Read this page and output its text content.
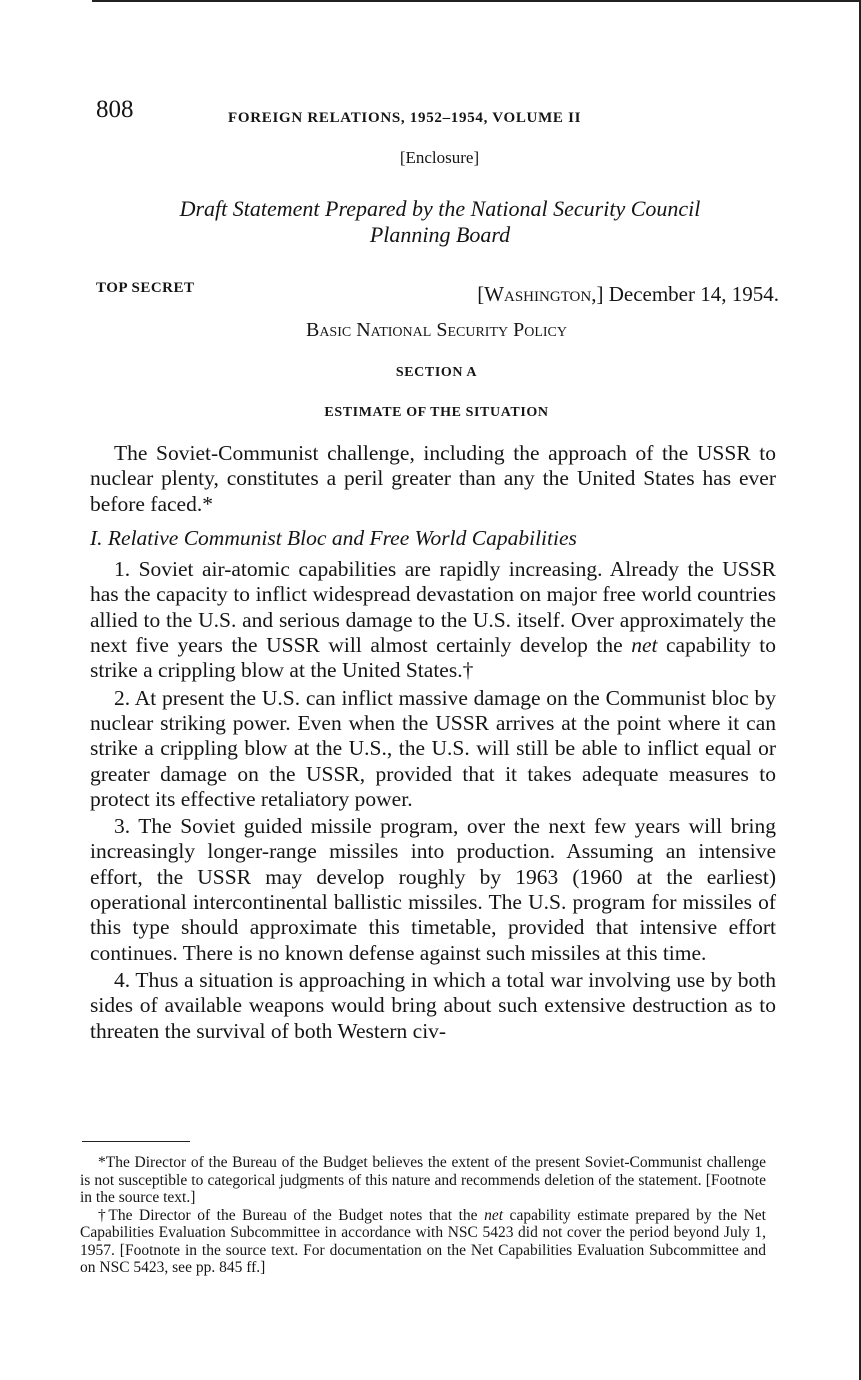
808	FOREIGN RELATIONS, 1952–1954, VOLUME II
[Enclosure]
Draft Statement Prepared by the National Security Council
Planning Board
TOP SECRET	[Washington,] December 14, 1954.
Basic National Security Policy
SECTION A
ESTIMATE OF THE SITUATION

The Soviet-Communist challenge, including the approach of the USSR to nuclear plenty, constitutes a peril greater than any the United States has ever before faced.*

I. Relative Communist Bloc and Free World Capabilities

1. Soviet air-atomic capabilities are rapidly increasing. Already the USSR has the capacity to inflict widespread devastation on major free world countries allied to the U.S. and serious damage to the U.S. itself. Over approximately the next five years the USSR will almost certainly develop the net capability to strike a crippling blow at the United States.†

2. At present the U.S. can inflict massive damage on the Communist bloc by nuclear striking power. Even when the USSR arrives at the point where it can strike a crippling blow at the U.S., the U.S. will still be able to inflict equal or greater damage on the USSR, provided that it takes adequate measures to protect its effective retaliatory power.

3. The Soviet guided missile program, over the next few years will bring increasingly longer-range missiles into production. Assuming an intensive effort, the USSR may develop roughly by 1963 (1960 at the earliest) operational intercontinental ballistic missiles. The U.S. program for missiles of this type should approximate this timetable, provided that intensive effort continues. There is no known defense against such missiles at this time.

4. Thus a situation is approaching in which a total war involving use by both sides of available weapons would bring about such extensive destruction as to threaten the survival of both Western civ-

*The Director of the Bureau of the Budget believes the extent of the present Soviet-Communist challenge is not susceptible to categorical judgments of this nature and recommends deletion of the statement. [Footnote in the source text.]

†The Director of the Bureau of the Budget notes that the net capability estimate prepared by the Net Capabilities Evaluation Subcommittee in accordance with NSC 5423 did not cover the period beyond July 1, 1957. [Footnote in the source text. For documentation on the Net Capabilities Evaluation Subcommittee and on NSC 5423, see pp. 845 ff.]
